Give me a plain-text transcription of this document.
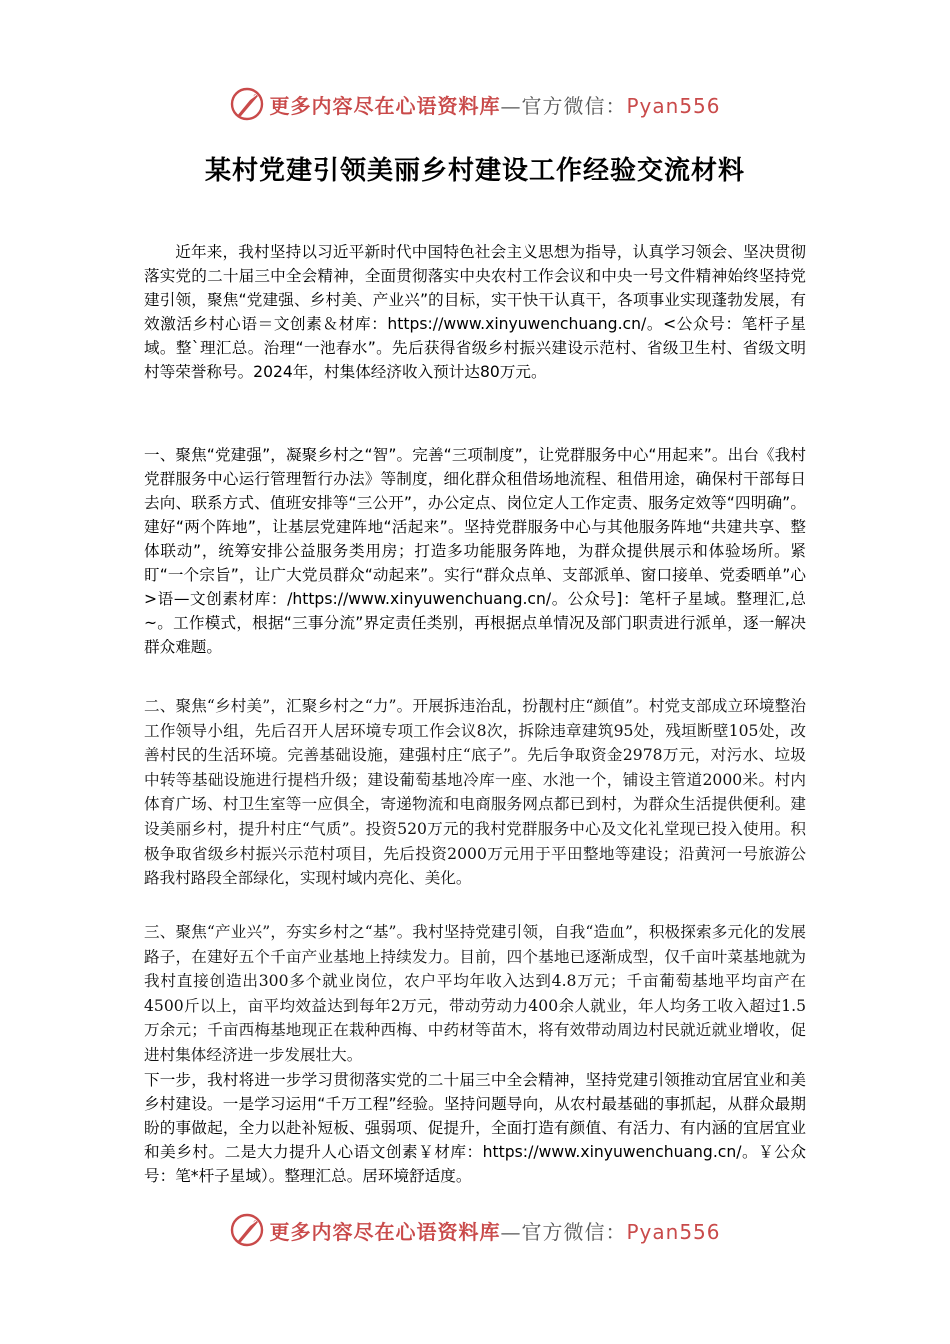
更多内容尽在心语资料库—官方微信：Pyan556
某村党建引领美丽乡村建设工作经验交流材料

近年来，我村坚持以习近平新时代中国特色社会主义思想为指导，认真学习领会、坚决贯彻落实党的二十届三中全会精神，全面贯彻落实中央农村工作会议和中央一号文件精神始终坚持党建引领，聚焦“党建强、乡村美、产业兴”的目标，实干快干认真干，各项事业实现蓬勃发展，有效激活乡村心语＝文创素＆材库：https://www.xinyuwenchuang.cn/。<公众号：笔杆子星域。整`理汇总。治理“一池春水”。先后获得省级乡村振兴建设示范村、省级卫生村、省级文明村等荣誉称号。2024年，村集体经济收入预计达80万元。

一、聚焦“党建强”，凝聚乡村之“智”。完善“三项制度”，让党群服务中心“用起来”。出台《我村党群服务中心运行管理暂行办法》等制度，细化群众租借场地流程、租借用途，确保村干部每日去向、联系方式、值班安排等“三公开”，办公定点、岗位定人工作定责、服务定效等“四明确”。建好“两个阵地”，让基层党建阵地“活起来”。坚持党群服务中心与其他服务阵地“共建共享、整体联动”，统筹安排公益服务类用房；打造多功能服务阵地，为群众提供展示和体验场所。紧盯“一个宗旨”，让广大党员群众“动起来”。实行“群众点单、支部派单、窗口接单、党委晒单”心>语—文创素材库：/https://www.xinyuwenchuang.cn/。公众号]：笔杆子星域。整理汇,总~。工作模式，根据“三事分流”界定责任类别，再根据点单情况及部门职责进行派单，逐一解决群众难题。

二、聚焦“乡村美”，汇聚乡村之“力”。开展拆违治乱，扮靓村庄“颜值”。村党支部成立环境整治工作领导小组，先后召开人居环境专项工作会议8次，拆除违章建筑95处，残垣断壁105处，改善村民的生活环境。完善基础设施，建强村庄“底子”。先后争取资金2978万元，对污水、垃圾中转等基础设施进行提档升级；建设葡萄基地冷库一座、水池一个，铺设主管道2000米。村内体育广场、村卫生室等一应俱全，寄递物流和电商服务网点都已到村，为群众生活提供便利。建设美丽乡村，提升村庄“气质”。投资520万元的我村党群服务中心及文化礼堂现已投入使用。积极争取省级乡村振兴示范村项目，先后投资2000万元用于平田整地等建设；沿黄河一号旅游公路我村路段全部绿化，实现村域内亮化、美化。

三、聚焦“产业兴”，夯实乡村之“基”。我村坚持党建引领，自我“造血”，积极探索多元化的发展路子，在建好五个千亩产业基地上持续发力。目前，四个基地已逐渐成型，仅千亩叶菜基地就为我村直接创造出300多个就业岗位，农户平均年收入达到4.8万元；千亩葡萄基地平均亩产在4500斤以上，亩平均效益达到每年2万元，带动劳动力400余人就业，年人均务工收入超过1.5万余元；千亩西梅基地现正在栽种西梅、中药材等苗木，将有效带动周边村民就近就业增收，促进村集体经济进一步发展壮大。

下一步，我村将进一步学习贯彻落实党的二十届三中全会精神，坚持党建引领推动宜居宜业和美乡村建设。一是学习运用“千万工程”经验。坚持问题导向，从农村最基础的事抓起，从群众最期盼的事做起，全力以赴补短板、强弱项、促提升，全面打造有颜值、有活力、有内涵的宜居宜业和美乡村。二是大力提升人心语文创素￥材库：https://www.xinyuwenchuang.cn/。￥公众号：笔*杆子星域）。整理汇总。居环境舒适度。

更多内容尽在心语资料库—官方微信：Pyan556
